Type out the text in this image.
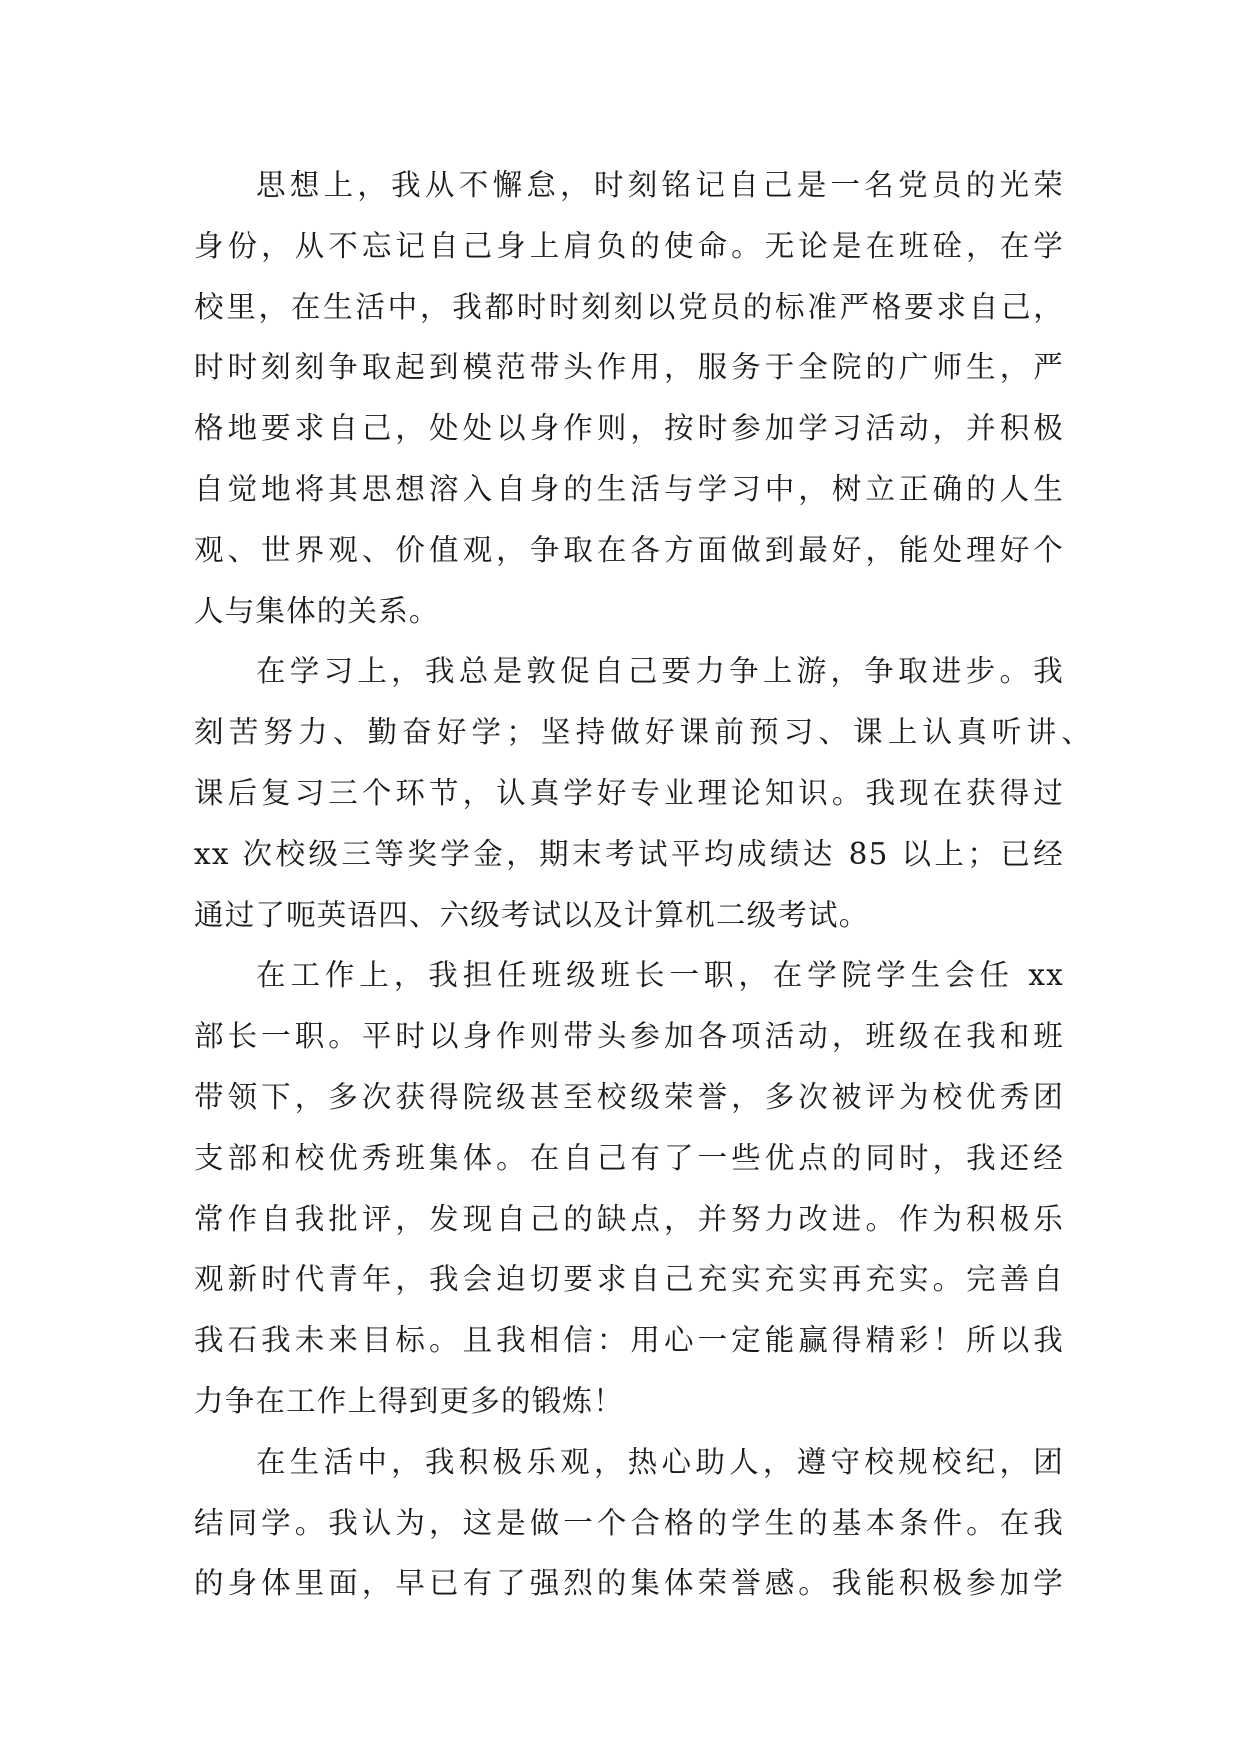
思想上，我从不懈怠，时刻铭记自己是一名党员的光荣
身份，从不忘记自己身上肩负的使命。无论是在班硂，在学
校里，在生活中，我都时时刻刻以党员的标准严格要求自己，
时时刻刻争取起到模范带头作用，服务于全院的广师生，严
格地要求自己，处处以身作则，按时参加学习活动，并积极
自觉地将其思想溶入自身的生活与学习中，树立正确的人生
观、世界观、价值观，争取在各方面做到最好，能处理好个
人与集体的关系。
在学习上，我总是敦促自己要力争上游，争取进步。我
刻苦努力、勤奋好学；坚持做好课前预习、课上认真听讲、
课后复习三个环节，认真学好专业理论知识。我现在获得过
xx 次校级三等奖学金，期末考试平均成绩达 85 以上；已经
通过了呃英语四、六级考试以及计算机二级考试。
在工作上，我担任班级班长一职，在学院学生会任 xx
部长一职。平时以身作则带头参加各项活动，班级在我和班
带领下，多次获得院级甚至校级荣誉，多次被评为校优秀团
支部和校优秀班集体。在自己有了一些优点的同时，我还经
常作自我批评，发现自己的缺点，并努力改进。作为积极乐
观新时代青年，我会迫切要求自己充实充实再充实。完善自
我石我未来目标。且我相信：用心一定能赢得精彩！所以我
力争在工作上得到更多的锻炼！
在生活中，我积极乐观，热心助人，遵守校规校纪，团
结同学。我认为，这是做一个合格的学生的基本条件。在我
的身体里面，早已有了强烈的集体荣誉感。我能积极参加学
